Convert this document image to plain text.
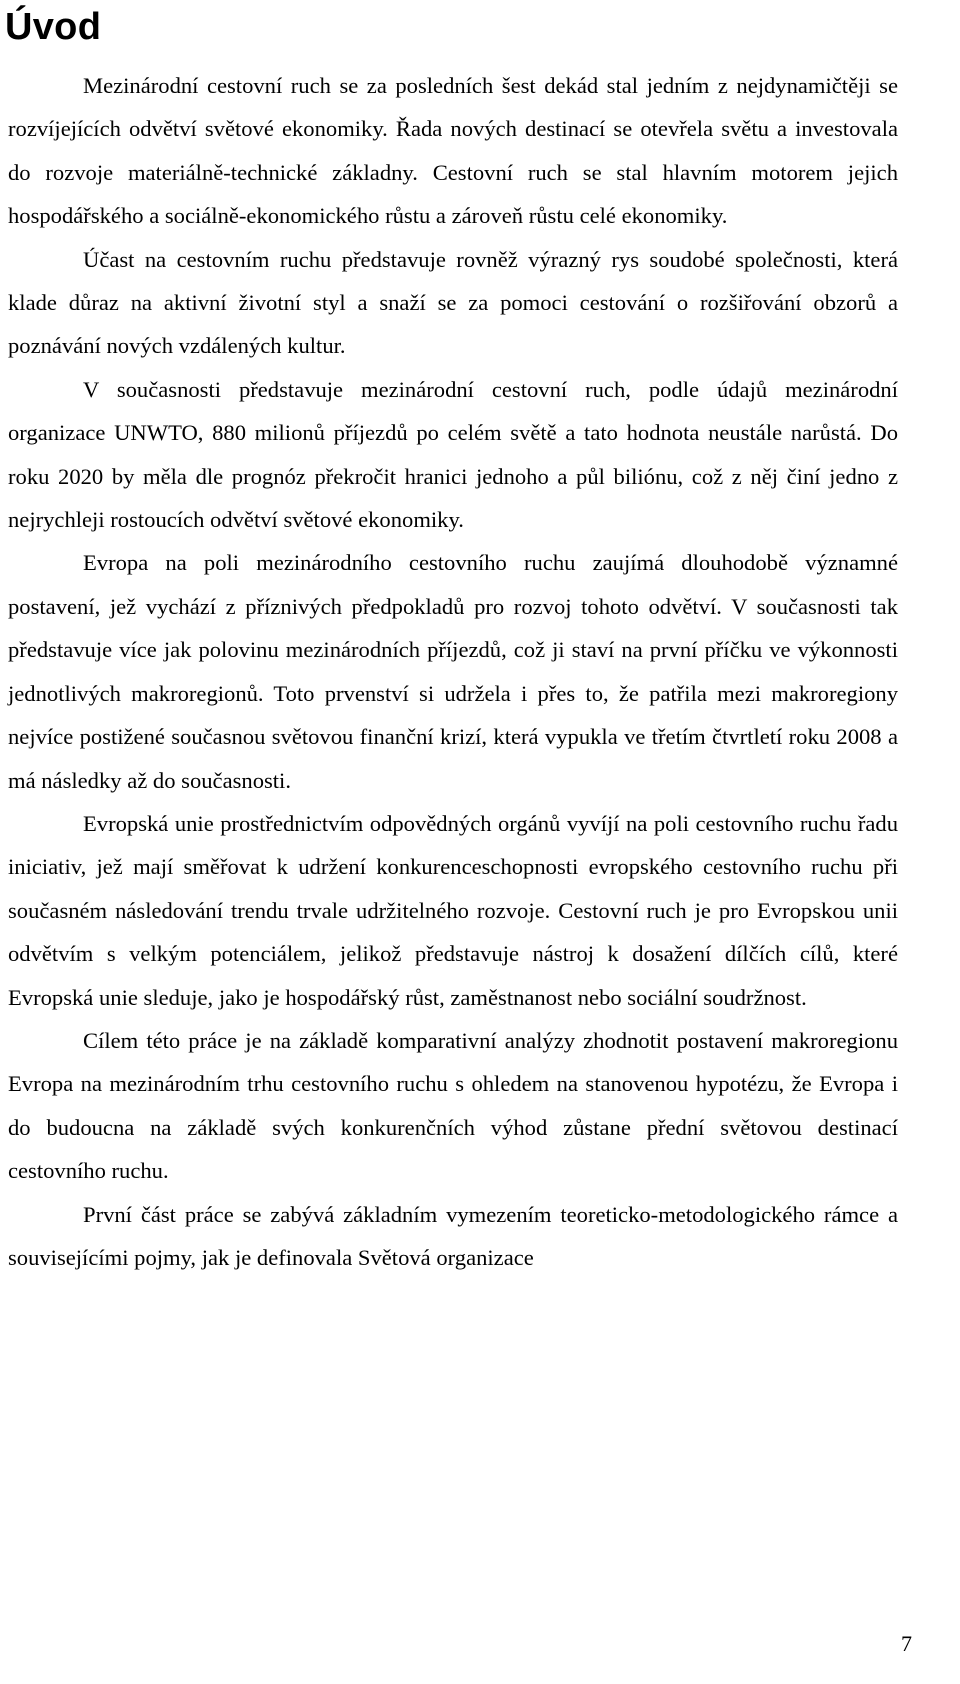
Úvod

Mezinárodní cestovní ruch se za posledních šest dekád stal jedním z nejdynamičtěji se rozvíjejících odvětví světové ekonomiky. Řada nových destinací se otevřela světu a investovala do rozvoje materiálně-technické základny. Cestovní ruch se stal hlavním motorem jejich hospodářského a sociálně-ekonomického růstu a zároveň růstu celé ekonomiky.

Účast na cestovním ruchu představuje rovněž výrazný rys soudobé společnosti, která klade důraz na aktivní životní styl a snaží se za pomoci cestování o rozšiřování obzorů a poznávání nových vzdálených kultur.

V současnosti představuje mezinárodní cestovní ruch, podle údajů mezinárodní organizace UNWTO, 880 milionů příjezdů po celém světě a tato hodnota neustále narůstá. Do roku 2020 by měla dle prognóz překročit hranici jednoho a půl biliónu, což z něj činí jedno z nejrychleji rostoucích odvětví světové ekonomiky.

Evropa na poli mezinárodního cestovního ruchu zaujímá dlouhodobě významné postavení, jež vychází z příznivých předpokladů pro rozvoj tohoto odvětví. V současnosti tak představuje více jak polovinu mezinárodních příjezdů, což ji staví na první příčku ve výkonnosti jednotlivých makroregionů. Toto prvenství si udržela i přes to, že patřila mezi makroregiony nejvíce postižené současnou světovou finanční krizí, která vypukla ve třetím čtvrtletí roku 2008 a má následky až do současnosti.

Evropská unie prostřednictvím odpovědných orgánů vyvíjí na poli cestovního ruchu řadu iniciativ, jež mají směřovat k udržení konkurenceschopnosti evropského cestovního ruchu při současném následování trendu trvale udržitelného rozvoje. Cestovní ruch je pro Evropskou unii odvětvím s velkým potenciálem, jelikož představuje nástroj k dosažení dílčích cílů, které Evropská unie sleduje, jako je hospodářský růst, zaměstnanost nebo sociální soudržnost.

Cílem této práce je na základě komparativní analýzy zhodnotit postavení makroregionu Evropa na mezinárodním trhu cestovního ruchu s ohledem na stanovenou hypotézu, že Evropa i do budoucna na základě svých konkurenčních výhod zůstane přední světovou destinací cestovního ruchu.

První část práce se zabývá základním vymezením teoreticko-metodologického rámce a souvisejícími pojmy, jak je definovala Světová organizace

7
